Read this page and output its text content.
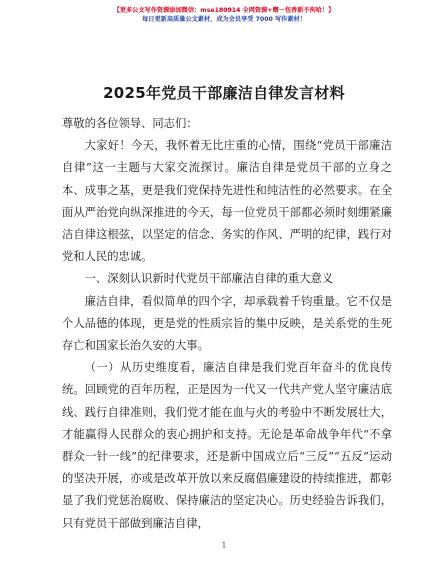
【更多公文写作资源添加微信：mse180914 全网资源+赠一包香新不拘哈！】
每日更新高质量公文素材，成为会员享受 7000 写作素材！
2025年党员干部廉洁自律发言材料

尊敬的各位领导、同志们：

大家好！今天，我怀着无比庄重的心情，围绕“党员干部廉洁自律”这一主题与大家交流探讨。廉洁自律是党员干部的立身之本、成事之基，更是我们党保持先进性和纯洁性的必然要求。在全面从严治党向纵深推进的今天，每一位党员干部都必须时刻绷紧廉洁自律这根弦，以坚定的信念、务实的作风、严明的纪律，践行对党和人民的忠诚。

一、深刻认识新时代党员干部廉洁自律的重大意义

廉洁自律，看似简单的四个字，却承载着千钧重量。它不仅是个人品德的体现，更是党的性质宗旨的集中反映，是关系党的生死存亡和国家长治久安的大事。

（一）从历史维度看，廉洁自律是我们党百年奋斗的优良传统。回顾党的百年历程，正是因为一代又一代共产党人坚守廉洁底线、践行自律准则，我们党才能在血与火的考验中不断发展壮大，才能赢得人民群众的衷心拥护和支持。无论是革命战争年代“不拿群众一针一线”的纪律要求，还是新中国成立后“三反”“五反”运动的坚决开展，亦或是改革开放以来反腐倡廉建设的持续推进，都彰显了我们党惩治腐败、保持廉洁的坚定决心。历史经验告诉我们，只有党员干部做到廉洁自律，

1
